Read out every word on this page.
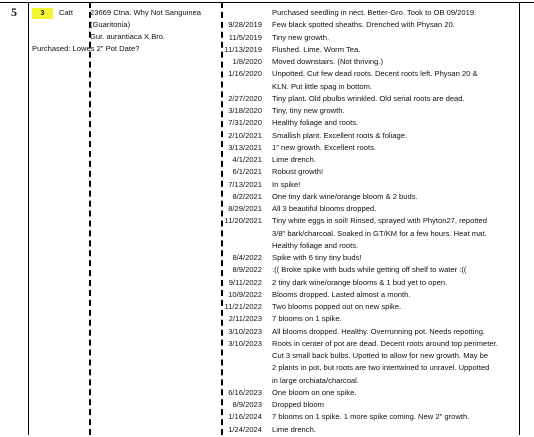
5	3	Catt 23669 Ctna. Why Not Sanguinea
(Guaritonia)
Gur. aurantiaca X Bro.
Purchased: Lowes 2" Pot Date?
Purchased seedling in nect. Better-Gro. Took to OB 09/2019.
9/28/2019 Few black spotted sheaths. Drenched with Physan 20.
11/5/2019 Tiny new growth.
11/13/2019 Flushed. Lime. Worm Tea.
1/8/2020 Moved downstairs. (Not thriving.)
1/16/2020 Unpotted. Cut few dead roots. Decent roots left. Physan 20 &
KLN. Put little spag in bottom.
2/27/2020 Tiny plant. Old pbulbs wrinkled. Old serial roots are dead.
3/18/2020 Tiny, tiny new growth.
7/31/2020 Healthy foliage and roots.
2/10/2021 Smallish plant. Excellent roots & foliage.
3/13/2021 1" new growth. Excellent roots.
4/1/2021 Lime drench.
6/1/2021 Robust growth!
7/13/2021 In spike!
8/2/2021 One tiny dark wine/orange bloom & 2 buds.
8/29/2021 All 3 beautiful blooms dropped.
11/20/2021 Tiny white eggs in soil! Rinsed, sprayed with Phyton27, repotted
3/8" bark/charcoal. Soaked in GT/KM for a few hours. Heat mat.
Healthy foliage and roots.
8/4/2022 Spike with 6 tiny tiny buds!
8/9/2022 :(( Broke spike with buds while getting off shelf to water :((
9/11/2022 2 tiny dark wine/orange blooms & 1 bud yet to open.
10/9/2022 Blooms dropped. Lasted almost a month.
11/21/2022 Two blooms popped out on new spike.
2/11/2023 7 blooms on 1 spike.
3/10/2023 All blooms dropped. Healthy. Overrunning pot. Needs repotting.
3/10/2023 Roots in center of pot are dead. Decent roots around top perimeter.
Cut 3 small back bulbs. Upotted to allow for new growth. May be
2 plants in pot, but roots are two intertwined to unravel. Uppotted
in large orchiata/charcoal.
6/16/2023 One bloom on one spike.
8/9/2023 Dropped bloom
1/16/2024 7 blooms on 1 spike. 1 more spike coming. New 2" growth.
1/24/2024 Lime drench.
